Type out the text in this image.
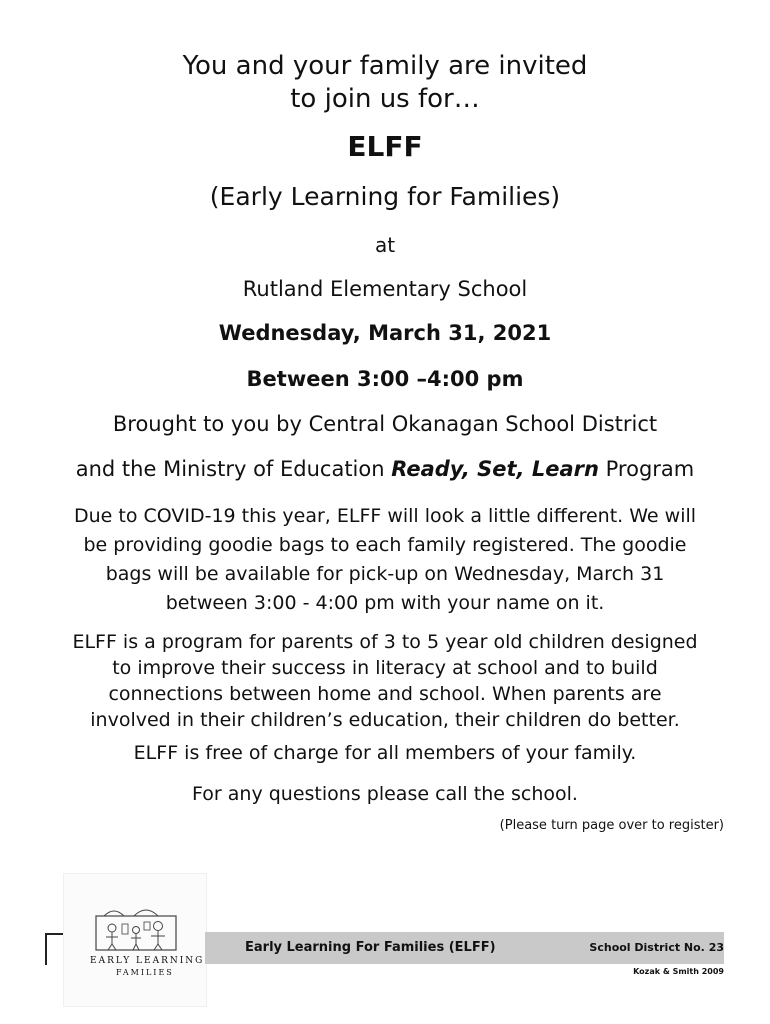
You and your family are invited
to join us for…
ELFF
(Early Learning for Families)
at
Rutland Elementary School
Wednesday, March 31, 2021
Between 3:00 –4:00 pm
Brought to you by Central Okanagan School District
and the Ministry of Education Ready, Set, Learn Program
Due to COVID-19 this year, ELFF will look a little different. We will
be providing goodie bags to each family registered. The goodie
bags will be available for pick-up on Wednesday, March 31
between 3:00 - 4:00 pm with your name on it.
ELFF is a program for parents of 3 to 5 year old children designed
to improve their success in literacy at school and to build
connections between home and school. When parents are
involved in their children’s education, their children do better.
ELFF is free of charge for all members of your family.
For any questions please call the school.
(Please turn page over to register)
EARLY LEARNING
FAMILIES
Early Learning For Families (ELFF)	School District No. 23
Kozak & Smith 2009
